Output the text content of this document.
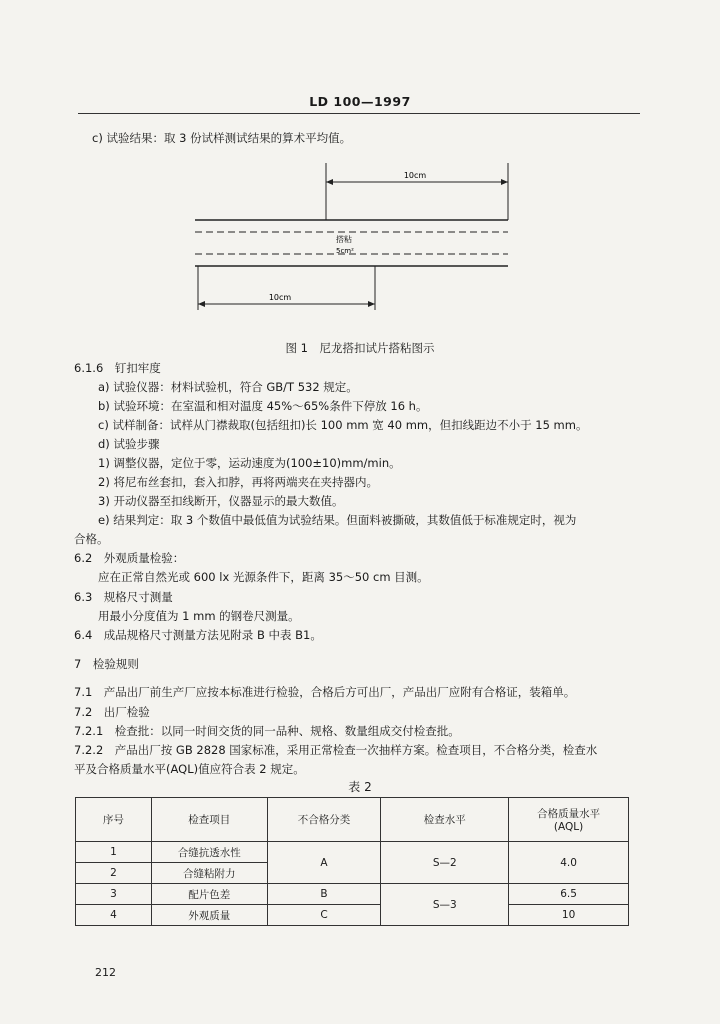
LD 100—1997
c) 试验结果：取 3 份试样测试结果的算术平均值。
10cm
搭粘
5cm²
10cm
图 1　尼龙搭扣试片搭粘图示
6.1.6　钉扣牢度
a) 试验仪器：材料试验机，符合 GB/T 532 规定。
b) 试验环境：在室温和相对温度 45%～65%条件下停放 16 h。
c) 试样制备：试样从门襟裁取(包括纽扣)长 100 mm 宽 40 mm，但扣线距边不小于 15 mm。
d) 试验步骤
1) 调整仪器，定位于零，运动速度为(100±10)mm/min。
2) 将尼布丝套扣，套入扣脖，再将两端夹在夹持器内。
3) 开动仪器至扣线断开，仪器显示的最大数值。
e) 结果判定：取 3 个数值中最低值为试验结果。但面料被撕破，其数值低于标准规定时，视为
合格。
6.2　外观质量检验：
应在正常自然光或 600 lx 光源条件下，距离 35～50 cm 目测。
6.3　规格尺寸测量
用最小分度值为 1 mm 的钢卷尺测量。
6.4　成品规格尺寸测量方法见附录 B 中表 B1。
7　检验规则
7.1　产品出厂前生产厂应按本标准进行检验，合格后方可出厂，产品出厂应附有合格证，装箱单。
7.2　出厂检验
7.2.1　检查批：以同一时间交货的同一品种、规格、数量组成交付检查批。
7.2.2　产品出厂按 GB 2828 国家标准，采用正常检查一次抽样方案。检查项目，不合格分类，检查水
平及合格质量水平(AQL)值应符合表 2 规定。
表 2
序号	检查项目	不合格分类	检查水平	合格质量水平
(AQL)

1	合缝抗透水性	A	S—2	4.0
2	合缝粘附力			
3	配片色差	B	S—3	6.5
4	外观质量	C		10
212
